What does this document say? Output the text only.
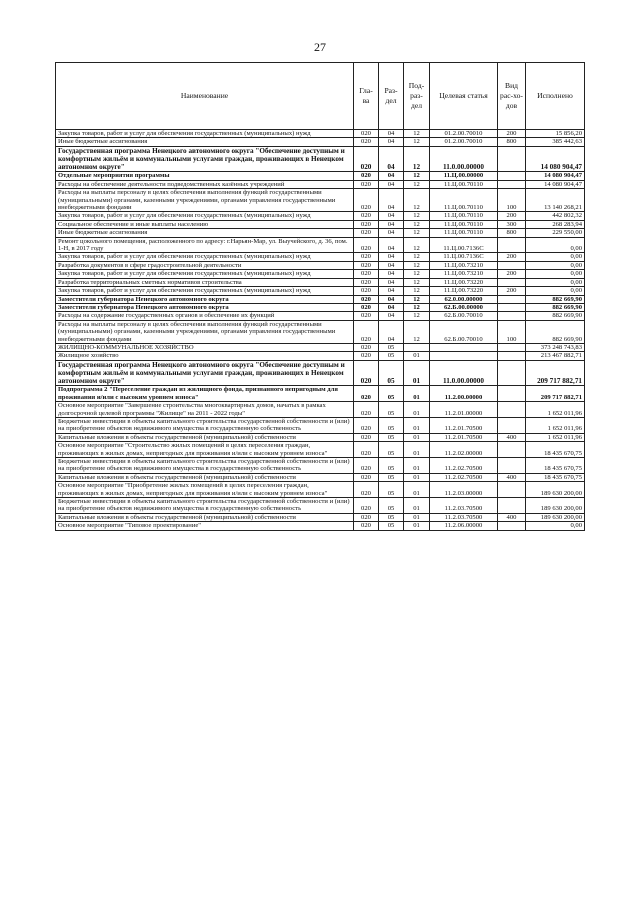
27
Наименование	Гла-ва	Раз-дел	Под-раз-дел	Целевая статья	Вид рас-хо-дов	Исполнено
Закупка товаров, работ и услуг для обеспечения государственных (муниципальных) нужд	020	04	12	01.2.00.70010	200	15 856,20
Иные бюджетные ассигнования	020	04	12	01.2.00.70010	800	385 442,63
Государственная программа Ненецкого автономного округа "Обеспечение доступным и комфортным жильём и коммунальными услугами граждан, проживающих в Ненецком автономном округе"	020	04	12	11.0.00.00000		14 080 904,47
Отдельные мероприятия программы	020	04	12	11.Ц.00.00000		14 080 904,47
Расходы на обеспечение деятельности подведомственных казённых учреждений	020	04	12	11.Ц.00.70110		14 080 904,47
Расходы на выплаты персоналу в целях обеспечения выполнения функций государственными (муниципальными) органами, казенными учреждениями, органами управления государственными внебюджетными фондами	020	04	12	11.Ц.00.70110	100	13 140 268,21
Закупка товаров, работ и услуг для обеспечения государственных (муниципальных) нужд	020	04	12	11.Ц.00.70110	200	442 802,32
Социальное обеспечение и иные выплаты населению	020	04	12	11.Ц.00.70110	300	268 283,94
Иные бюджетные ассигнования	020	04	12	11.Ц.00.70110	800	229 550,00
Ремонт цокольного помещения, расположенного по адресу: г.Нарьян-Мар, ул. Выучейского, д. 36, пом. 1-Н, в 2017 году	020	04	12	11.Ц.00.7136С		0,00
Закупка товаров, работ и услуг для обеспечения государственных (муниципальных) нужд	020	04	12	11.Ц.00.7136С	200	0,00
Разработка документов в сфере градостроительной деятельности	020	04	12	11.Ц.00.73210		0,00
Закупка товаров, работ и услуг для обеспечения государственных (муниципальных) нужд	020	04	12	11.Ц.00.73210	200	0,00
Разработка территориальных сметных нормативов строительства	020	04	12	11.Ц.00.73220		0,00
Закупка товаров, работ и услуг для обеспечения государственных (муниципальных) нужд	020	04	12	11.Ц.00.73220	200	0,00
Заместители губернатора Ненецкого автономного округа	020	04	12	62.0.00.00000		882 669,90
Заместители губернатора Ненецкого автономного округа	020	04	12	62.Б.00.00000		882 669,90
Расходы на содержание государственных органов и обеспечение их функций	020	04	12	62.Б.00.70010		882 669,90
Расходы на выплаты персоналу в целях обеспечения выполнения функций государственными (муниципальными) органами, казенными учреждениями, органами управления государственными внебюджетными фондами	020	04	12	62.Б.00.70010	100	882 669,90
ЖИЛИЩНО-КОММУНАЛЬНОЕ ХОЗЯЙСТВО	020	05				373 248 743,83
Жилищное хозяйство	020	05	01			213 467 882,71
Государственная программа Ненецкого автономного округа "Обеспечение доступным и комфортным жильём и коммунальными услугами граждан, проживающих в Ненецком автономном округе"	020	05	01	11.0.00.00000		209 717 882,71
Подпрограмма 2 "Переселение граждан из жилищного фонда, признанного непригодным для проживания и/или с высоким уровнем износа"	020	05	01	11.2.00.00000		209 717 882,71
Основное мероприятие "Завершение строительства многоквартирных домов, начатых в рамках долгосрочной целевой программы "Жилище" на 2011 - 2022 годы"	020	05	01	11.2.01.00000		1 652 011,96
Бюджетные инвестиции в объекты капитального строительства государственной собственности и (или) на приобретение объектов недвижимого имущества в государственную собственность	020	05	01	11.2.01.70500		1 652 011,96
Капитальные вложения в объекты государственной (муниципальной) собственности	020	05	01	11.2.01.70500	400	1 652 011,96
Основное мероприятие "Строительство жилых помещений в целях переселения граждан, проживающих в жилых домах, непригодных для проживания и/или с высоким уровнем износа"	020	05	01	11.2.02.00000		18 435 670,75
Бюджетные инвестиции в объекты капитального строительства государственной собственности и (или) на приобретение объектов недвижимого имущества в государственную собственность	020	05	01	11.2.02.70500		18 435 670,75
Капитальные вложения в объекты государственной (муниципальной) собственности	020	05	01	11.2.02.70500	400	18 435 670,75
Основное мероприятие "Приобретение жилых помещений в целях переселения граждан, проживающих в жилых домах, непригодных для проживания и/или с высоким уровнем износа"	020	05	01	11.2.03.00000		189 630 200,00
Бюджетные инвестиции в объекты капитального строительства государственной собственности и (или) на приобретение объектов недвижимого имущества в государственную собственность	020	05	01	11.2.03.70500		189 630 200,00
Капитальные вложения в объекты государственной (муниципальной) собственности	020	05	01	11.2.03.70500	400	189 630 200,00
Основное мероприятие "Типовое проектирование"	020	05	01	11.2.06.00000		0,00
